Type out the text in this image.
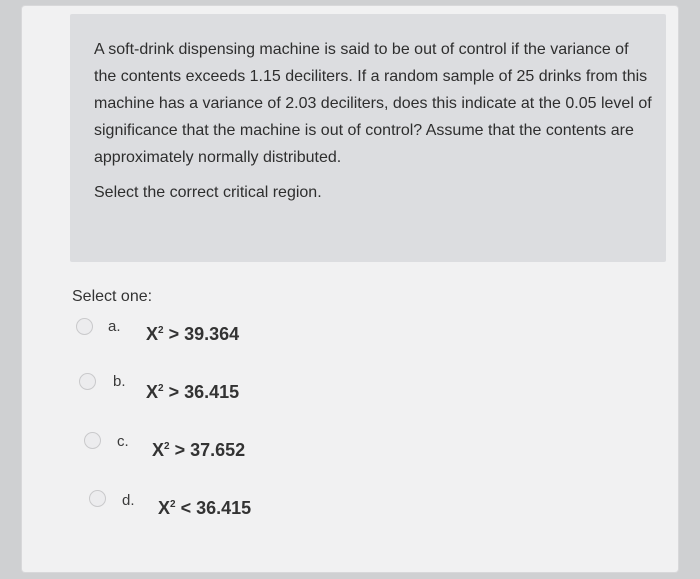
A soft-drink dispensing machine is said to be out of control if the variance of the contents exceeds 1.15 deciliters. If a random sample of 25 drinks from this machine has a variance of 2.03 deciliters, does this indicate at the 0.05 level of significance that the machine is out of control? Assume that the contents are approximately normally distributed.

Select the correct critical region.

Select one:
a. $X^2 > 39.364$
b.
$X^2 > 36.415$
c. $X^2 > 37.652$
d. $X^2 < 36.415$
